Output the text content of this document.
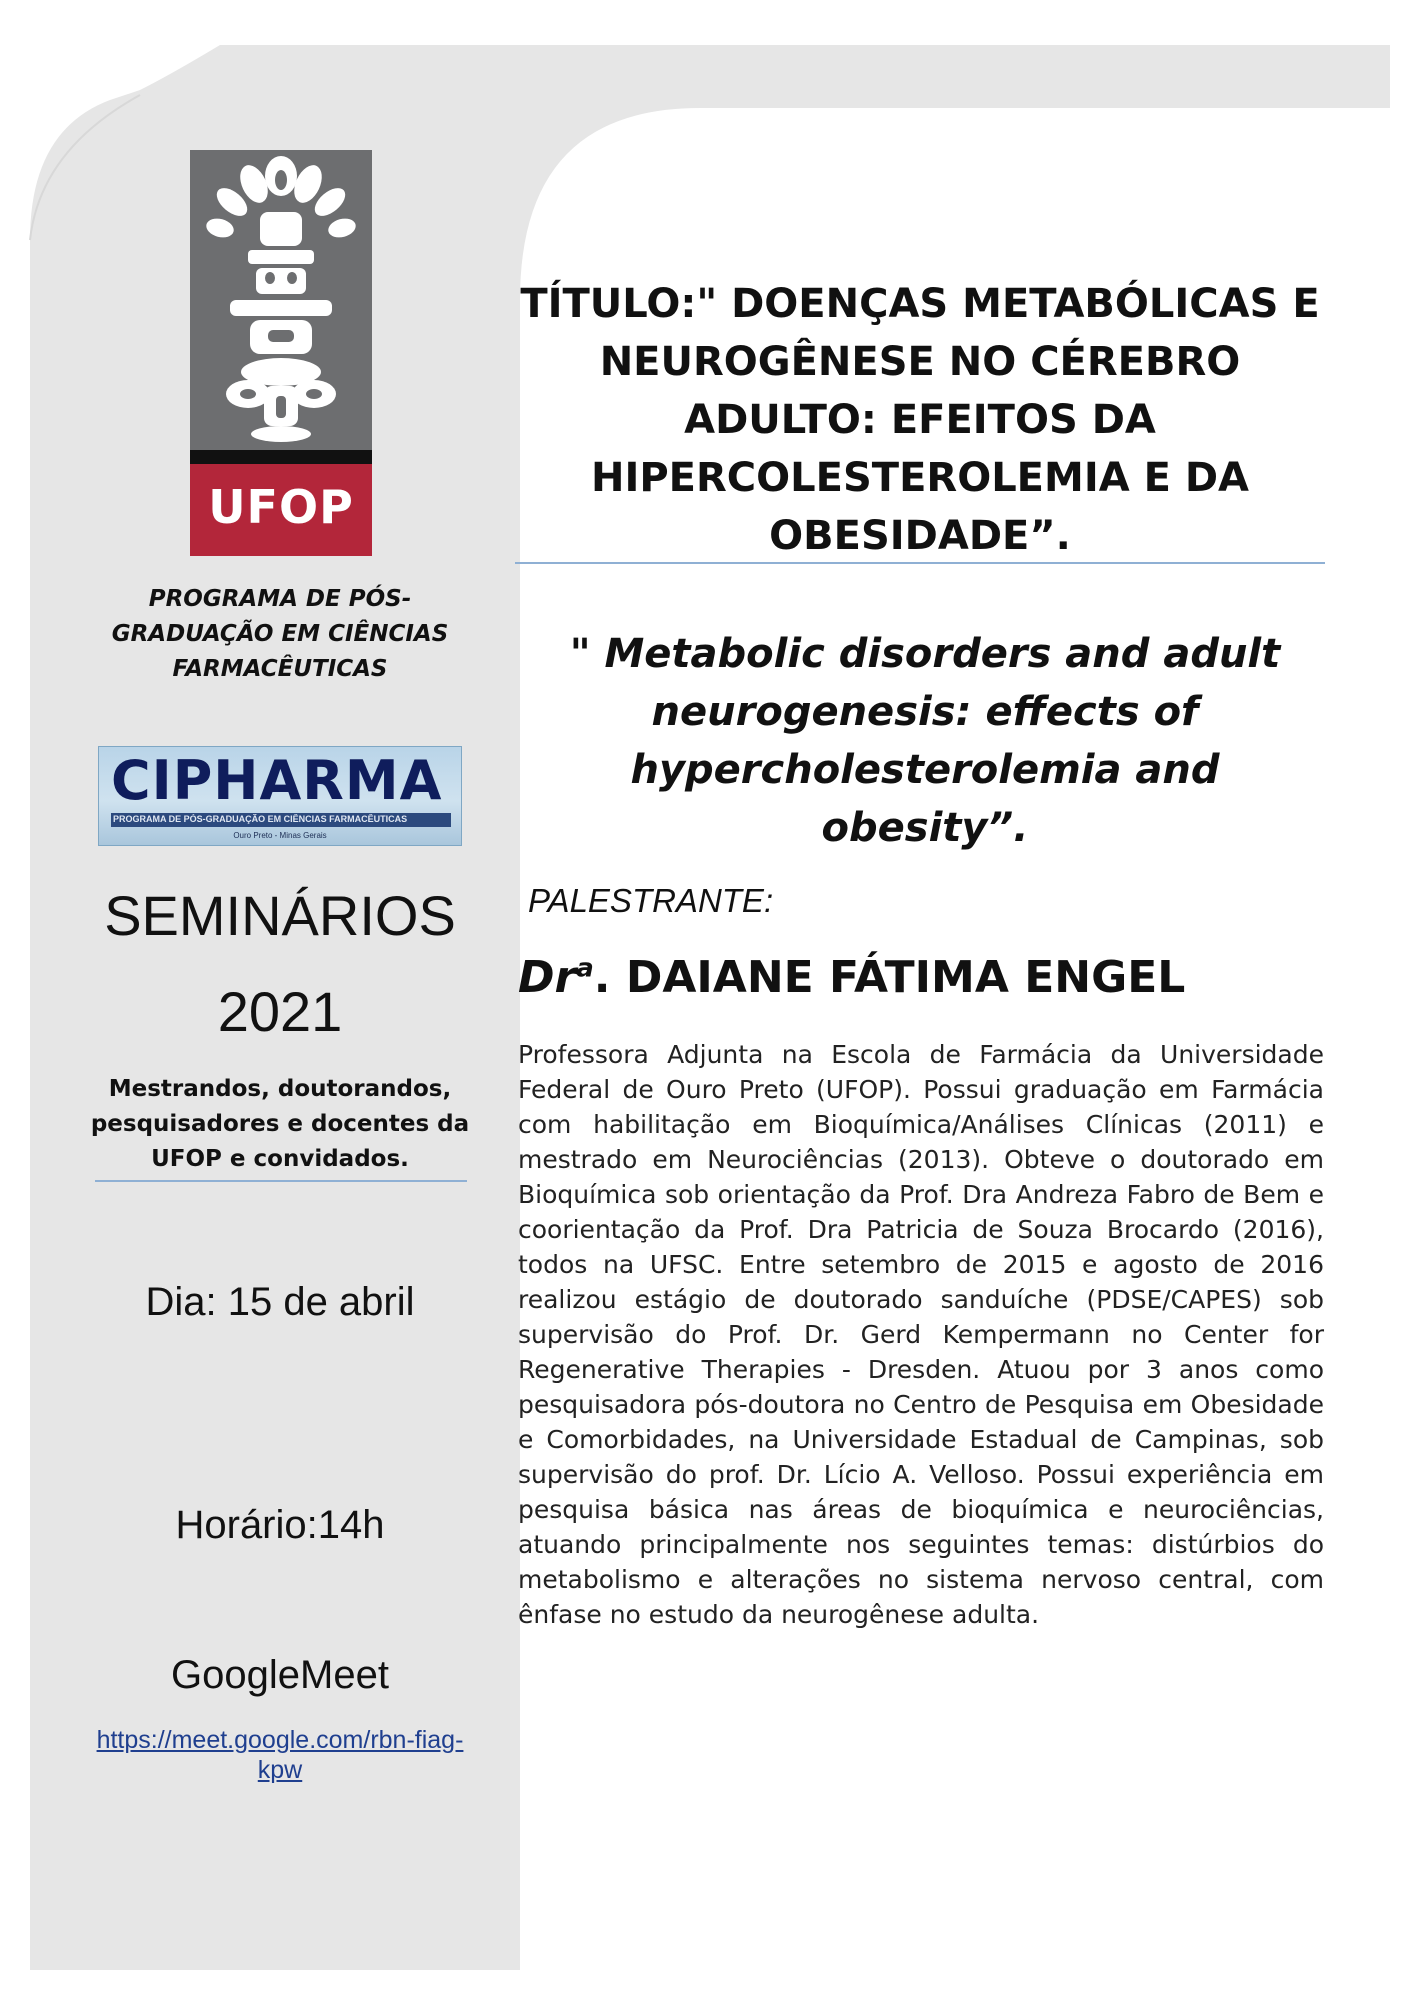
UFOP
PROGRAMA DE PÓS-GRADUAÇÃO EM CIÊNCIAS FARMACÊUTICAS
CIPHARMA
PROGRAMA DE PÓS-GRADUAÇÃO EM CIÊNCIAS FARMACÊUTICAS
Ouro Preto - Minas Gerais
SEMINÁRIOS
2021
Mestrandos, doutorandos, pesquisadores e docentes da UFOP e convidados.
Dia: 15 de abril
Horário:14h
GoogleMeet
https://meet.google.com/rbn-fiag-kpw
TÍTULO:" DOENÇAS METABÓLICAS E NEUROGÊNESE NO CÉREBRO ADULTO: EFEITOS DA HIPERCOLESTEROLEMIA E DA OBESIDADE”.
" Metabolic disorders and adult neurogenesis: effects of hypercholesterolemia and obesity”.
PALESTRANTE:
Dr$^a$. DAIANE FÁTIMA ENGEL
Professora Adjunta na Escola de Farmácia da Universidade Federal de Ouro Preto (UFOP). Possui graduação em Farmácia com habilitação em Bioquímica/Análises Clínicas (2011) e mestrado em Neurociências (2013). Obteve o doutorado em Bioquímica sob orientação da Prof. Dra Andreza Fabro de Bem e coorientação da Prof. Dra Patricia de Souza Brocardo (2016), todos na UFSC. Entre setembro de 2015 e agosto de 2016 realizou estágio de doutorado sanduíche (PDSE/CAPES) sob supervisão do Prof. Dr. Gerd Kempermann no Center for Regenerative Therapies - Dresden. Atuou por 3 anos como pesquisadora pós-doutora no Centro de Pesquisa em Obesidade e Comorbidades, na Universidade Estadual de Campinas, sob supervisão do prof. Dr. Lício A. Velloso. Possui experiência em pesquisa básica nas áreas de bioquímica e neurociências, atuando principalmente nos seguintes temas: distúrbios do metabolismo e alterações no sistema nervoso central, com ênfase no estudo da neurogênese adulta.
